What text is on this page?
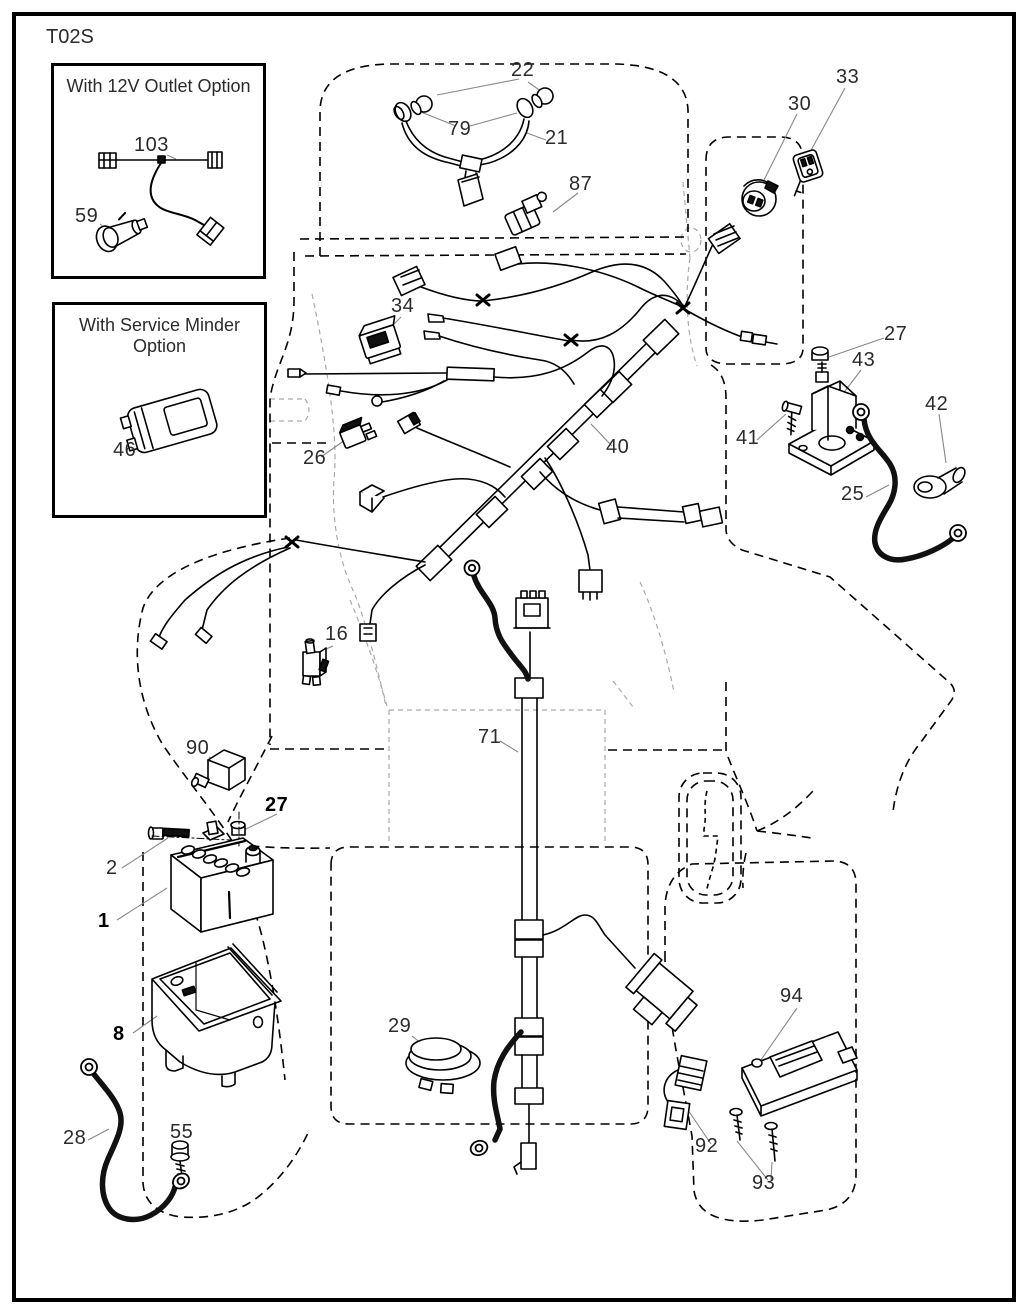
T02S
With 12V Outlet Option
With Service Minder Option
22
79	21
87
30
33
34
27
43
41
42
25
40
26
103
59
46
16
90
27
2
1
8
71
29
28	55
94
92
93
